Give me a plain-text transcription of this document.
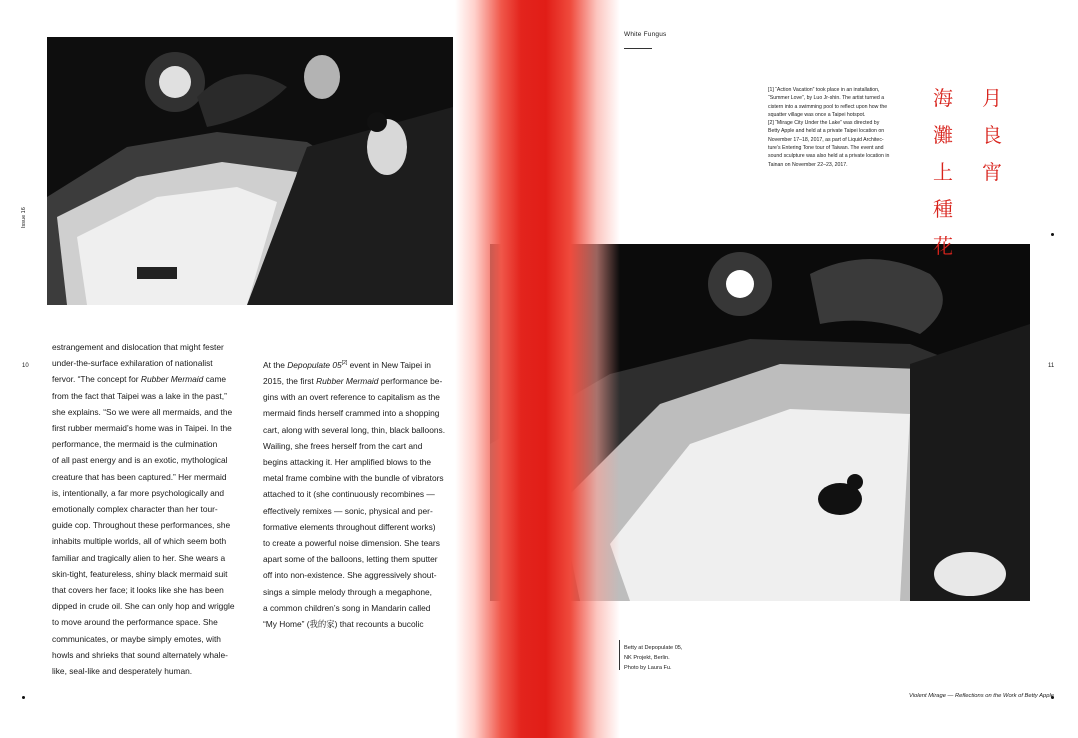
White Fungus
Issue 16
10	11
estrangement and dislocation that might fester
under-the-surface exhilaration of nationalist
fervor. “The concept for Rubber Mermaid came
from the fact that Taipei was a lake in the past,”
she explains. “So we were all mermaids, and the
first rubber mermaid’s home was in Taipei. In the
performance, the mermaid is the culmination
of all past energy and is an exotic, mythological
creature that has been captured.” Her mermaid
is, intentionally, a far more psychologically and
emotionally complex character than her tour-
guide cop. Throughout these performances, she
inhabits multiple worlds, all of which seem both
familiar and tragically alien to her. She wears a
skin-tight, featureless, shiny black mermaid suit
that covers her face; it looks like she has been
dipped in crude oil. She can only hop and wriggle
to move around the performance space. She
communicates, or maybe simply emotes, with
howls and shrieks that sound alternately whale-
like, seal-like and desperately human.
At the Depopulate 05[2] event in New Taipei in
2015, the first Rubber Mermaid performance be-
gins with an overt reference to capitalism as the
mermaid finds herself crammed into a shopping
cart, along with several long, thin, black balloons.
Wailing, she frees herself from the cart and
begins attacking it. Her amplified blows to the
metal frame combine with the bundle of vibrators
attached to it (she continuously recombines —
effectively remixes — sonic, physical and per-
formative elements throughout different works)
to create a powerful noise dimension. She tears
apart some of the balloons, letting them sputter
off into non-existence. She aggressively shout-
sings a simple melody through a megaphone,
a common children’s song in Mandarin called
“My Home” (我的家) that recounts a bucolic
[1] “Action Vacation” took place in an installation,
“Summer Love”, by Luo Jr-shin. The artist turned a
cistern into a swimming pool to reflect upon how the
squatter village was once a Taipei hotspot.
[2] “Mirage City Under the Lake” was directed by
Betty Apple and held at a private Taipei location on
November 17–18, 2017, as part of Liquid Architec-
ture’s Entering Tone tour of Taiwan. The event and
sound sculpture was also held at a private location in
Tainan on November 22–23, 2017.
月
良
宵
海
灘
上
種
花
Betty at Depopulate 05,
NK Projekt, Berlin.
Photo by Laura Fu.
Violent Mirage — Reflections on the Work of Betty Apple
